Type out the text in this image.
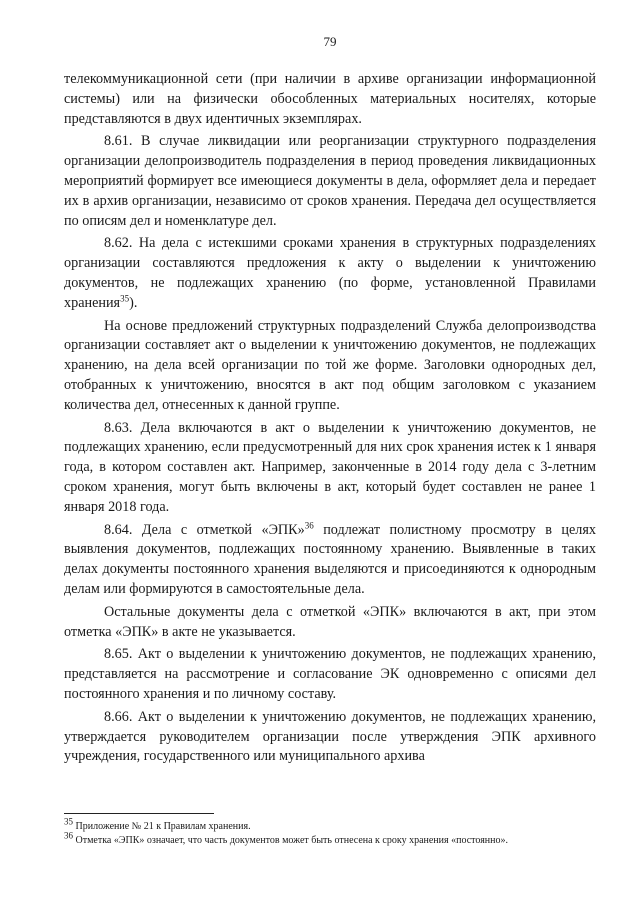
79

телекоммуникационной сети (при наличии в архиве организации информационной системы) или на физически обособленных материальных носителях, которые представляются в двух идентичных экземплярах.

8.61. В случае ликвидации или реорганизации структурного подразделения организации делопроизводитель подразделения в период проведения ликвидационных мероприятий формирует все имеющиеся документы в дела, оформляет дела и передает их в архив организации, независимо от сроков хранения. Передача дел осуществляется по описям дел и номенклатуре дел.

8.62. На дела с истекшими сроками хранения в структурных подразделениях организации составляются предложения к акту о выделении к уничтожению документов, не подлежащих хранению (по форме, установленной Правилами хранения$^{35}$).

На основе предложений структурных подразделений Служба делопроизводства организации составляет акт о выделении к уничтожению документов, не подлежащих хранению, на дела всей организации по той же форме. Заголовки однородных дел, отобранных к уничтожению, вносятся в акт под общим заголовком с указанием количества дел, отнесенных к данной группе.

8.63. Дела включаются в акт о выделении к уничтожению документов, не подлежащих хранению, если предусмотренный для них срок хранения истек к 1 января года, в котором составлен акт. Например, законченные в 2014 году дела с 3-летним сроком хранения, могут быть включены в акт, который будет составлен не ранее 1 января 2018 года.

8.64. Дела с отметкой «ЭПК»$^{36}$ подлежат полистному просмотру в целях выявления документов, подлежащих постоянному хранению. Выявленные в таких делах документы постоянного хранения выделяются и присоединяются к однородным делам или формируются в самостоятельные дела.

Остальные документы дела с отметкой «ЭПК» включаются в акт, при этом отметка «ЭПК» в акте не указывается.

8.65. Акт о выделении к уничтожению документов, не подлежащих хранению, представляется на рассмотрение и согласование ЭК одновременно с описями дел постоянного хранения и по личному составу.

8.66. Акт о выделении к уничтожению документов, не подлежащих хранению, утверждается руководителем организации после утверждения ЭПК архивного учреждения, государственного или муниципального архива

$^{35}$ Приложение № 21 к Правилам хранения.

$^{36}$ Отметка «ЭПК» означает, что часть документов может быть отнесена к сроку хранения «постоянно».
